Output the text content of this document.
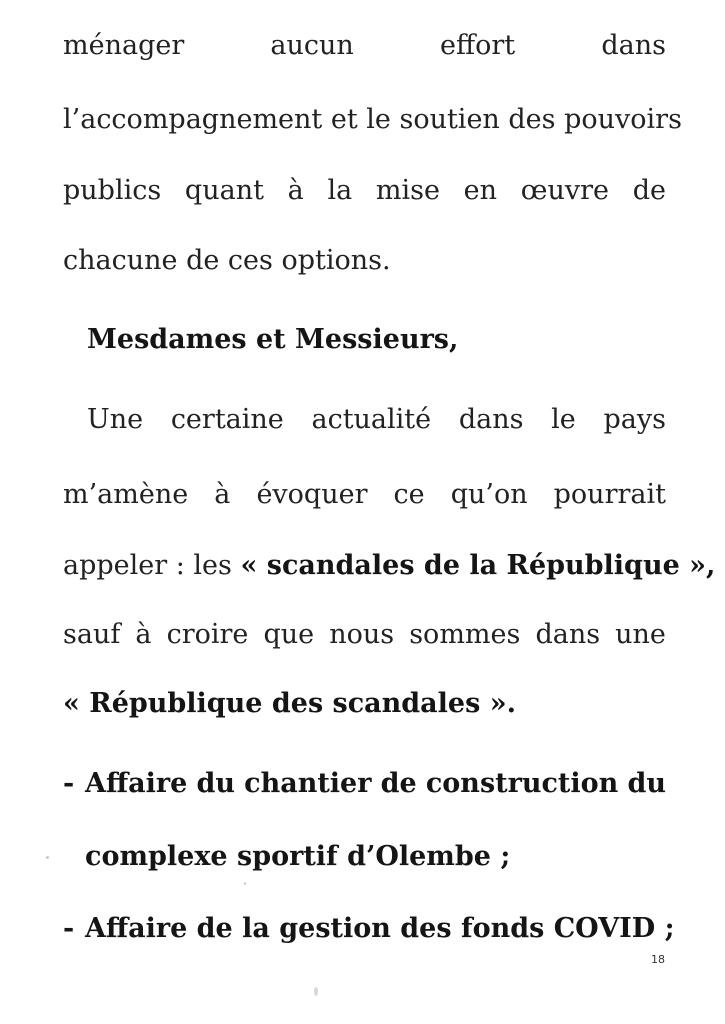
ménager	aucun	effort	dans
l’accompagnement et le soutien des pouvoirs
publics quant à la mise en œuvre de
chacune de ces options.
Mesdames et Messieurs,
Une certaine actualité dans le pays
m’amène à évoquer ce qu’on pourrait
appeler : les « scandales de la République »,
sauf à croire que nous sommes dans une
« République des scandales ».
- Affaire du chantier de construction du
complexe sportif d’Olembe ;
- Affaire de la gestion des fonds COVID ;
18
